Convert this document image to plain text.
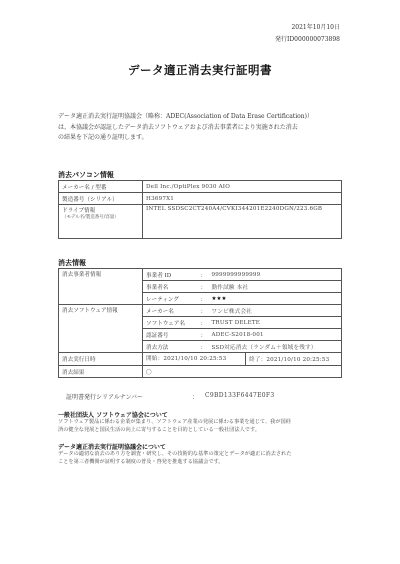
2021年10月10日
発行ID000000073898
データ適正消去実行証明書
データ適正消去実行証明協議会（略称：ADEC(Association of Data Erase Certification)）
は、本協議会が認証したデータ消去ソフトウェアおよび消去事業者により実施された消去
の結果を下記の通り証明します。
消去パソコン情報
メーカー名 / 型番	Dell Inc./OptiPlex 9030 AIO
製造番号（シリアル）	H3697X1

ドライブ情報
（モデル名/製造番号/容量）	INTEL SSDSC2CT240A4/CVKI344201E2240DGN/223.6GB
消去情報
消去事業者情報	事業者 ID	：	9999999999999
	事業者名	：	動作試験 本社
	レーティング	：	★★★
消去ソフトウェア情報	メーカー名	：	ワンビ株式会社
	ソフトウェア名	：	TRUST DELETE
	認証番号	：	ADEC-S2018-001
	消去方法	：	SSD対応消去（ランダム＋領域を残す）
消去実行日時	開始：2021/10/10 20:25:53 終了：2021/10/10 20:25:53		

消去結果	〇		
証明書発行シリアルナンバー	： C9BD133F6447E0F3
一般社団法人 ソフトウェア協会について
ソフトウェア製品に係わる企業が集まり、ソフトウェア産業の発展に係わる事業を通じて、我が国経
済の健全な発展と国民生活の向上に寄与することを目的としている一般社団法人です。
データ適正消去実行証明協議会について
データの適切な消去のあり方を調査・研究し、その技術的な基準の策定とデータが適正に消去された
ことを第三者機関が証明する制度の普及・啓発を推進する協議会です。
